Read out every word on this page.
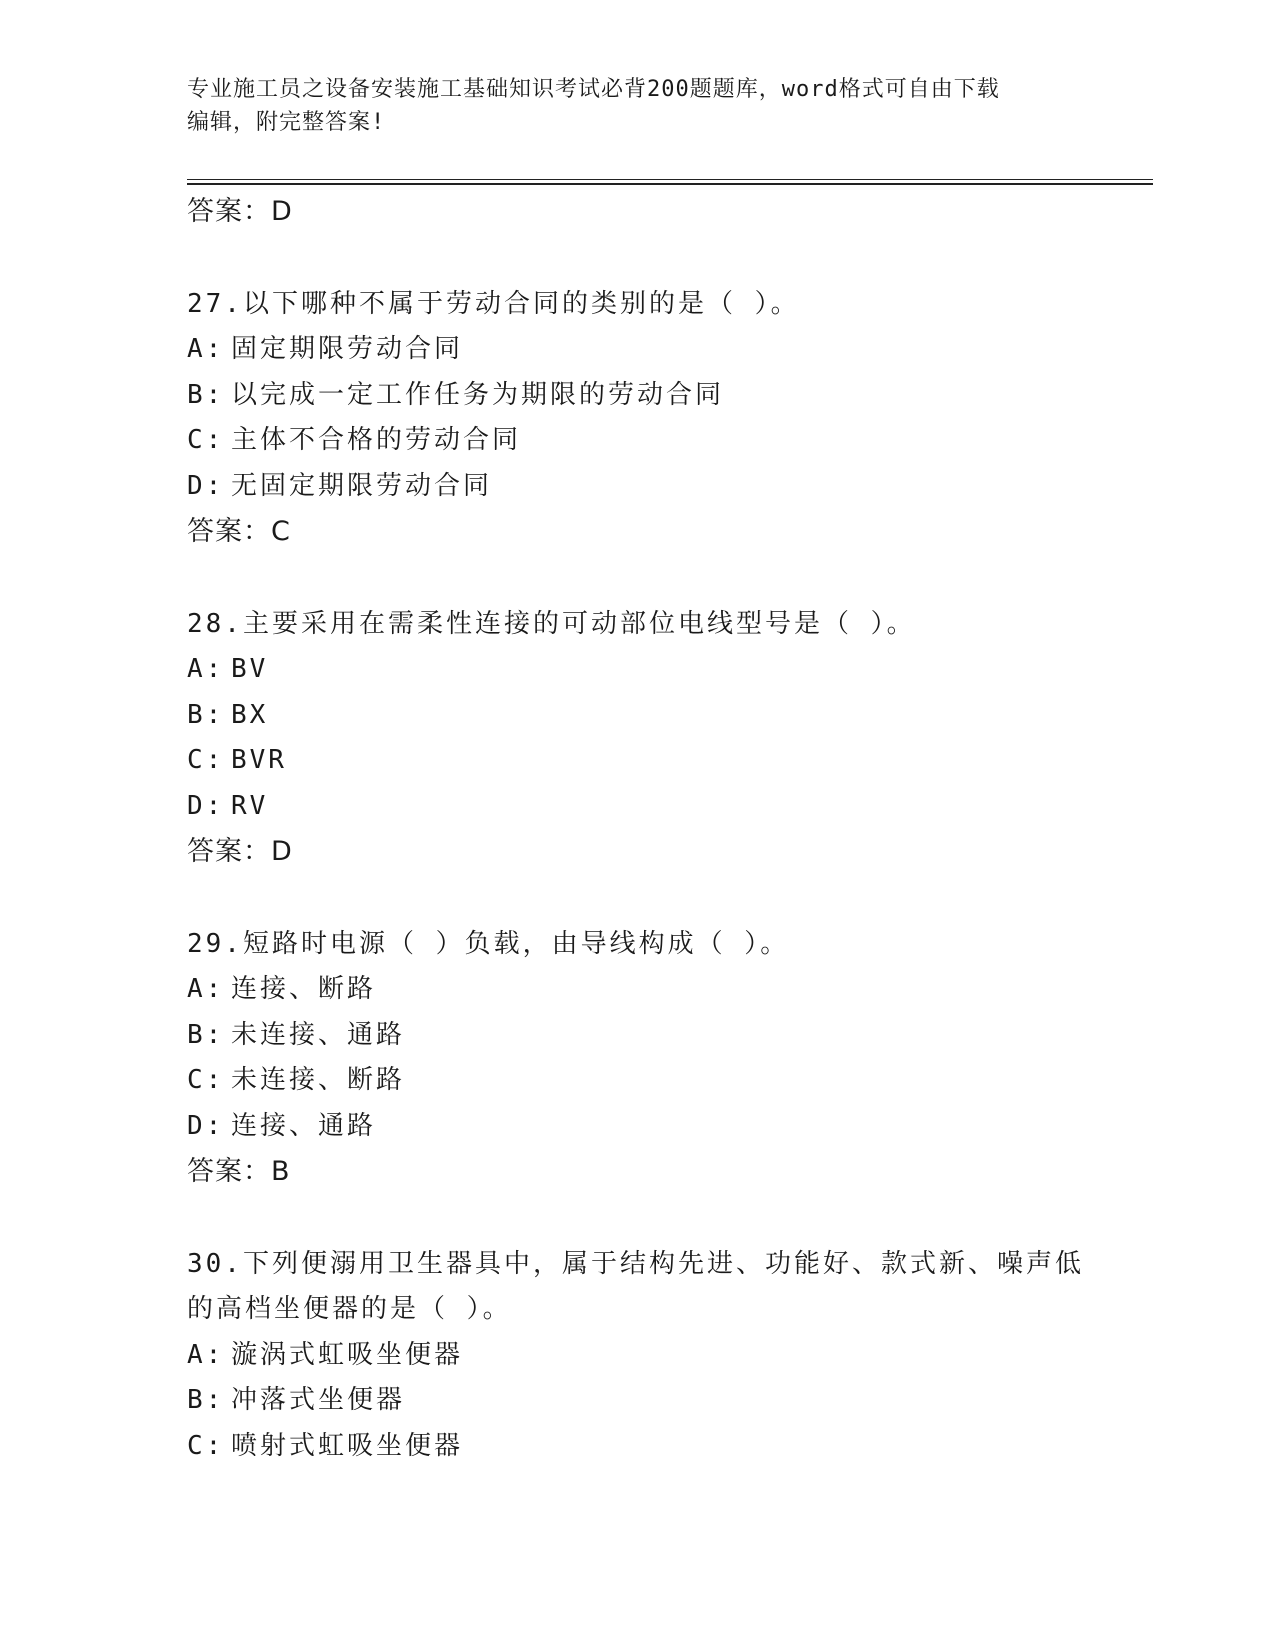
专业施工员之设备安装施工基础知识考试必背200题题库，word格式可自由下载
编辑，附完整答案!
答案：D
27.以下哪种不属于劳动合同的类别的是（ ）。
A: 固定期限劳动合同
B: 以完成一定工作任务为期限的劳动合同
C: 主体不合格的劳动合同
D: 无固定期限劳动合同
答案：C
28.主要采用在需柔性连接的可动部位电线型号是（ ）。
A: BV
B: BX
C: BVR
D: RV
答案：D
29.短路时电源（ ）负载，由导线构成（ ）。
A: 连接、断路
B: 未连接、通路
C: 未连接、断路
D: 连接、通路
答案：B
30.下列便溺用卫生器具中，属于结构先进、功能好、款式新、噪声低
的高档坐便器的是（ ）。
A: 漩涡式虹吸坐便器
B: 冲落式坐便器
C: 喷射式虹吸坐便器
